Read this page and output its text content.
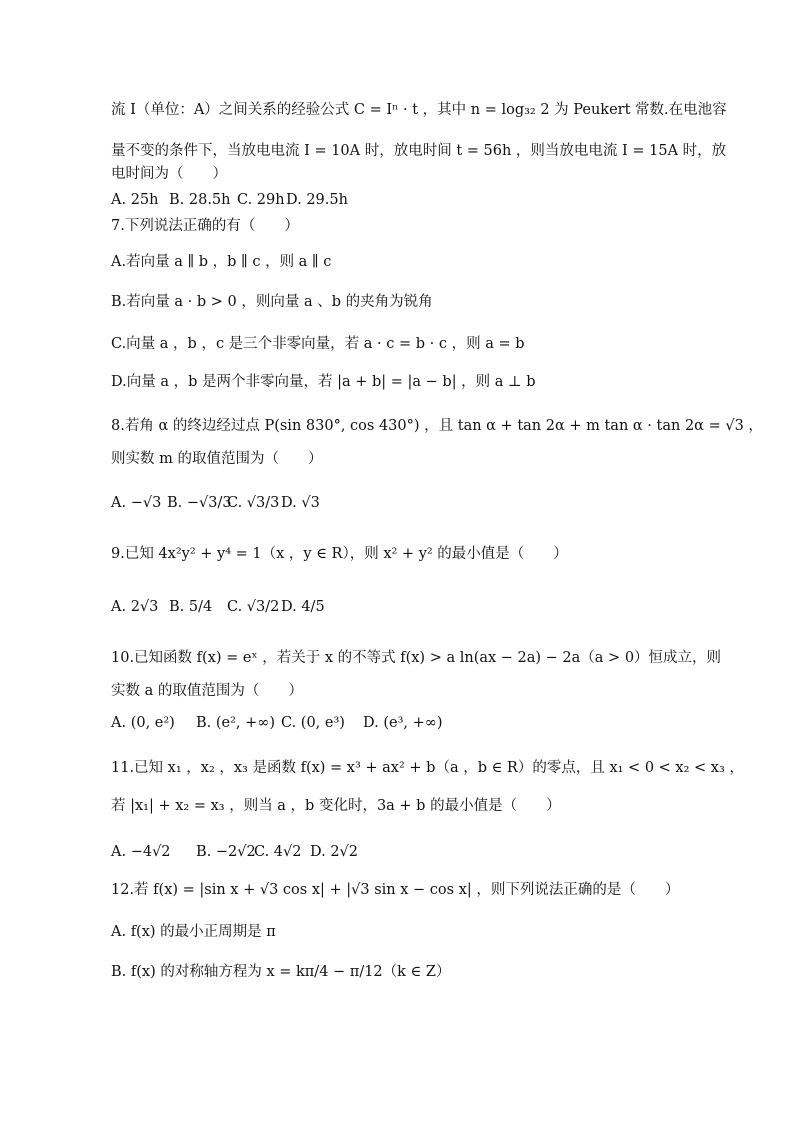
流 I（单位：A）之间关系的经验公式 C = Iⁿ · t ，其中 n = log₃₂ 2 为 Peukert 常数.在电池容
量不变的条件下，当放电电流 I = 10A 时，放电时间 t = 56h ，则当放电电流 I = 15A 时，放
电时间为（　　）
A. 25h B. 28.5h C. 29h D. 29.5h
7.下列说法正确的有（　　）
A.若向量 a ∥ b ，b ∥ c ，则 a ∥ c
B.若向量 a · b > 0 ，则向量 a 、b 的夹角为锐角
C.向量 a ，b ，c 是三个非零向量，若 a · c = b · c ，则 a = b
D.向量 a ，b 是两个非零向量，若 |a + b| = |a − b| ，则 a ⊥ b
8.若角 α 的终边经过点 P(sin 830°, cos 430°) ，且 tan α + tan 2α + m tan α · tan 2α = √3 ，
则实数 m 的取值范围为（　　）
A. −√3 B. −√3/3
C. √3/3 D. √3
9.已知 4x²y² + y⁴ = 1（x ，y ∈ R），则 x² + y² 的最小值是（　　）
A. 2√3 B. 5/4 C. √3/2 D. 4/5
10.已知函数 f(x) = eˣ ，若关于 x 的不等式 f(x) > a ln(ax − 2a) − 2a（a > 0）恒成立，则
实数 a 的取值范围为（　　）
A. (0, e²) B. (e², +∞) C. (0, e³) D. (e³, +∞)
11.已知 x₁ ，x₂ ，x₃ 是函数 f(x) = x³ + ax² + b（a ，b ∈ R）的零点，且 x₁ < 0 < x₂ < x₃ ，
若 |x₁| + x₂ = x₃ ，则当 a ，b 变化时，3a + b 的最小值是（　　）
A. −4√2 B. −2√2
C. 4√2 D. 2√2
12.若 f(x) = |sin x + √3 cos x| + |√3 sin x − cos x| ，则下列说法正确的是（　　）
A. f(x) 的最小正周期是 π
B. f(x) 的对称轴方程为 x = kπ/4 − π/12（k ∈ Z）
